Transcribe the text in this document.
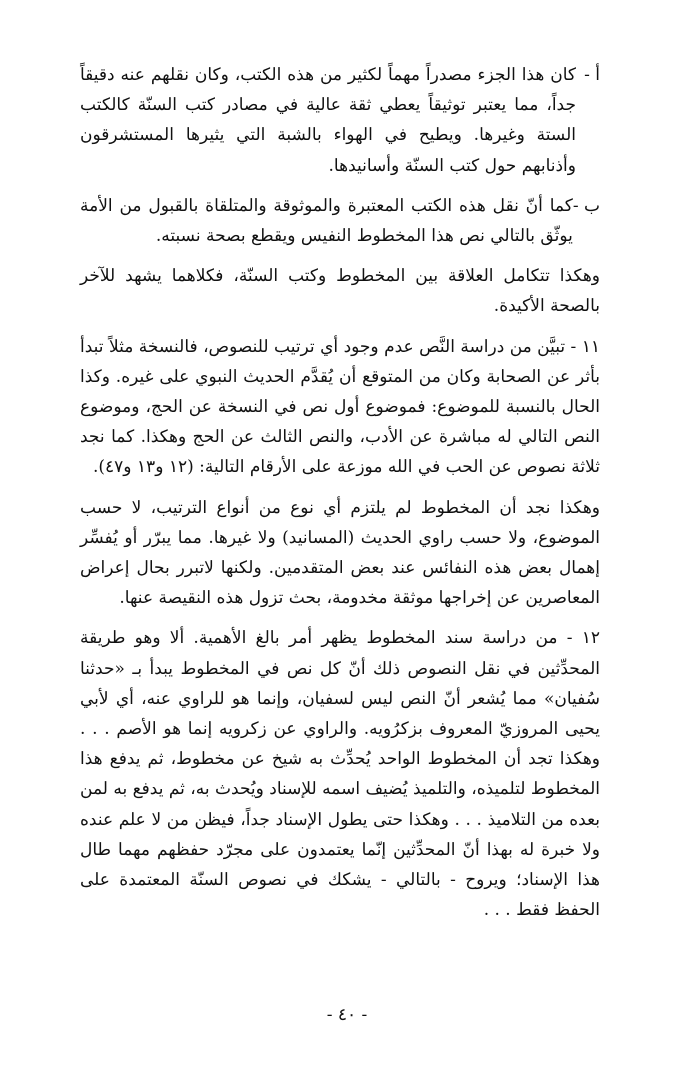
أ -
كان هذا الجزء مصدراً مهماً لكثير من هذه الكتب، وكان نقلهم عنه دقيقاً جداً، مما يعتبر توثيقاً يعطي ثقة عالية في مصادر كتب السنّة كالكتب الستة وغيرها. ويطيح في الهواء بالشبة التي يثيرها المستشرقون وأذنابهم حول كتب السنّة وأسانيدها.
ب -
كما أنّ نقل هذه الكتب المعتبرة والموثوقة والمتلقاة بالقبول من الأمة يوثّق بالتالي نص هذا المخطوط النفيس ويقطع بصحة نسبته.

وهكذا تتكامل العلاقة بين المخطوط وكتب السنّة، فكلاهما يشهد للآخر بالصحة الأكيدة.

١١ - تبيَّن من دراسة النَّص عدم وجود أي ترتيب للنصوص، فالنسخة مثلاً تبدأ بأثر عن الصحابة وكان من المتوقع أن يُقدَّم الحديث النبوي على غيره. وكذا الحال بالنسبة للموضوع: فموضوع أول نص في النسخة عن الحج، وموضوع النص التالي له مباشرة عن الأدب، والنص الثالث عن الحج وهكذا. كما نجد ثلاثة نصوص عن الحب في الله موزعة على الأرقام التالية: (١٢ و١٣ و٤٧).

وهكذا نجد أن المخطوط لم يلتزم أي نوع من أنواع الترتيب، لا حسب الموضوع، ولا حسب راوي الحديث (المسانيد) ولا غيرها. مما يبرّر أو يُفسِّر إهمال بعض هذه النفائس عند بعض المتقدمين. ولكنها لاتبرر بحال إعراض المعاصرين عن إخراجها موثقة مخدومة، بحث تزول هذه النقيصة عنها.

١٢ - من دراسة سند المخطوط يظهر أمر بالغ الأهمية. ألا وهو طريقة المحدِّثين في نقل النصوص ذلك أنّ كل نص في المخطوط يبدأ بـ «حدثنا سُفيان» مما يُشعر أنّ النص ليس لسفيان، وإنما هو للراوي عنه، أي لأبي يحيى المروزيّ المعروف بزكرُويه. والراوي عن زكرويه إنما هو الأصم . . . وهكذا تجد أن المخطوط الواحد يُحدِّث به شيخ عن مخطوط، ثم يدفع هذا المخطوط لتلميذه، والتلميذ يُضيف اسمه للإسناد ويُحدث به، ثم يدفع به لمن بعده من التلاميذ . . . وهكذا حتى يطول الإسناد جداً، فيظن من لا علم عنده ولا خبرة له بهذا أنّ المحدِّثين إنّما يعتمدون على مجرّد حفظهم مهما طال هذا الإسناد؛ ويروح - بالتالي - يشكك في نصوص السنّة المعتمدة على الحفظ فقط . . .

- ٤٠ -
